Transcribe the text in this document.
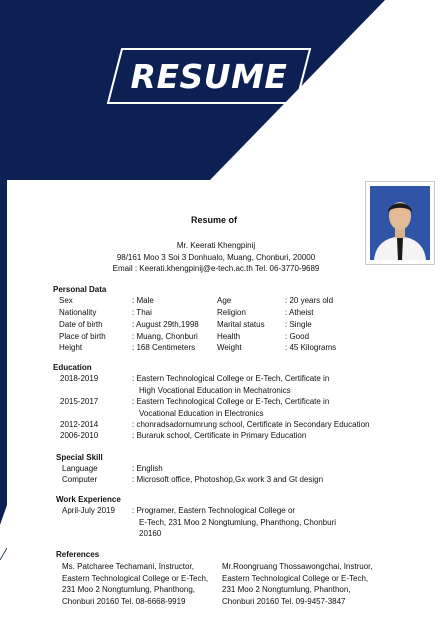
RESUME
Resume of
Mr. Keerati Khengpinij
98/161 Moo 3 Soi 3 Donhualo, Muang, Chonburi, 20000
Email : Keerati.khengpinij@e-tech.ac.th Tel. 06-3770-9689
Personal Data
Sex	: Male	Age	: 20 years old
Nationality	: Thai	Religion	: Atheist
Date of birth	: August 29th,1998 Marital status	: Single
Place of birth	: Muang, Chonburi Health	: Good
Height	: 168 Centimeters	Weight	: 45 Kilograms
Education
2018-2019	: Eastern Technological College or E-Tech, Certificate in
High Vocational Education in Mechatronics
2015-2017	: Eastern Technological College or E-Tech, Certificate in
Vocational Education in Electronics
2012-2014	: chonradsadornumrung school, Certificate in Secondary Education
2006-2010	: Buraruk school, Certificate in Primary Education
Special Skill
Language	: English
Computer	: Microsoft office, Photoshop,Gx work 3 and Gt design
Work Experience
April-July 2019 : Programer, Eastern Technological College or
E-Tech, 231 Moo 2 Nongtumlung, Phanthong, Chonburi
20160
References
Ms. Patcharee Techamani, Instructor,
Eastern Technological College or E-Tech,
231 Moo 2 Nongtumlung, Phanthong,
Chonburi 20160 Tel. 08-6668-9919
Mr.Roongruang Thossawongchai, Instruor,
Eastern Technological College or E-Tech,
231 Moo 2 Nongtumlung, Phanthon,
Chonburi 20160 Tel. 09-9457-3847
